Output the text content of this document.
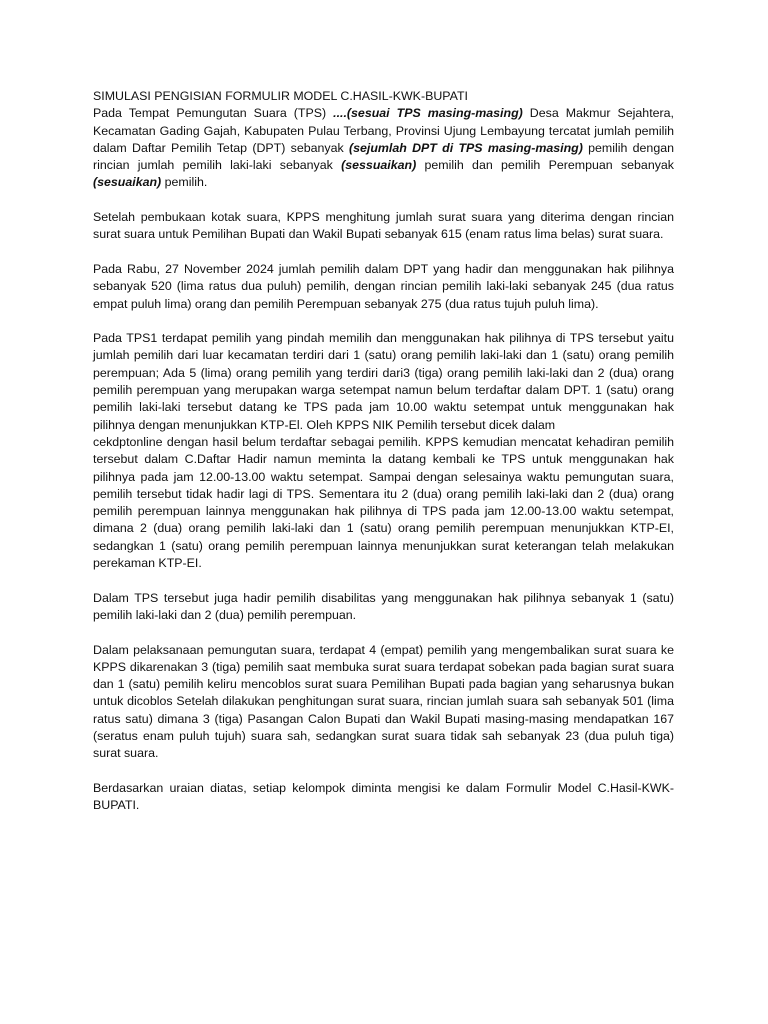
SIMULASI PENGISIAN FORMULIR MODEL C.HASIL-KWK-BUPATI

Pada Tempat Pemungutan Suara (TPS) ....(sesuai TPS masing-masing) Desa Makmur Sejahtera, Kecamatan Gading Gajah, Kabupaten Pulau Terbang, Provinsi Ujung Lembayung tercatat jumlah pemilih dalam Daftar Pemilih Tetap (DPT) sebanyak (sejumlah DPT di TPS masing-masing) pemilih dengan rincian jumlah pemilih laki-laki sebanyak (sessuaikan) pemilih dan pemilih Perempuan sebanyak (sesuaikan) pemilih.

Setelah pembukaan kotak suara, KPPS menghitung jumlah surat suara yang diterima dengan rincian surat suara untuk Pemilihan Bupati dan Wakil Bupati sebanyak 615 (enam ratus lima belas) surat suara.

Pada Rabu, 27 November 2024 jumlah pemilih dalam DPT yang hadir dan menggunakan hak pilihnya sebanyak 520 (lima ratus dua puluh) pemilih, dengan rincian pemilih laki-laki sebanyak 245 (dua ratus empat puluh lima) orang dan pemilih Perempuan sebanyak 275 (dua ratus tujuh puluh lima).

Pada TPS1 terdapat pemilih yang pindah memilih dan menggunakan hak pilihnya di TPS tersebut yaitu jumlah pemilih dari luar kecamatan terdiri dari 1 (satu) orang pemilih laki-laki dan 1 (satu) orang pemilih perempuan; Ada 5 (lima) orang pemilih yang terdiri dari3 (tiga) orang pemilih laki-laki dan 2 (dua) orang pemilih perempuan yang merupakan warga setempat namun belum terdaftar dalam DPT. 1 (satu) orang pemilih laki-laki tersebut datang ke TPS pada jam 10.00 waktu setempat untuk menggunakan hak pilihnya dengan menunjukkan KTP-El. Oleh KPPS NIK Pemilih tersebut dicek dalam
cekdptonline dengan hasil belum terdaftar sebagai pemilih. KPPS kemudian mencatat kehadiran pemilih tersebut dalam C.Daftar Hadir namun meminta la datang kembali ke TPS untuk menggunakan hak pilihnya pada jam 12.00-13.00 waktu setempat. Sampai dengan selesainya waktu pemungutan suara, pemilih tersebut tidak hadir lagi di TPS. Sementara itu 2 (dua) orang pemilih laki-laki dan 2 (dua) orang pemilih perempuan lainnya menggunakan hak pilihnya di TPS pada jam 12.00-13.00 waktu setempat, dimana 2 (dua) orang pemilih laki-laki dan 1 (satu) orang pemilih perempuan menunjukkan KTP-EI, sedangkan 1 (satu) orang pemilih perempuan lainnya menunjukkan surat keterangan telah melakukan perekaman KTP-EI.

Dalam TPS tersebut juga hadir pemilih disabilitas yang menggunakan hak pilihnya sebanyak 1 (satu) pemilih laki-laki dan 2 (dua) pemilih perempuan.

Dalam pelaksanaan pemungutan suara, terdapat 4 (empat) pemilih yang mengembalikan surat suara ke KPPS dikarenakan 3 (tiga) pemilih saat membuka surat suara terdapat sobekan pada bagian surat suara dan 1 (satu) pemilih keliru mencoblos surat suara Pemilihan Bupati pada bagian yang seharusnya bukan untuk dicoblos Setelah dilakukan penghitungan surat suara, rincian jumlah suara sah sebanyak 501 (lima ratus satu) dimana 3 (tiga) Pasangan Calon Bupati dan Wakil Bupati masing-masing mendapatkan 167 (seratus enam puluh tujuh) suara sah, sedangkan surat suara tidak sah sebanyak 23 (dua puluh tiga) surat suara.

Berdasarkan uraian diatas, setiap kelompok diminta mengisi ke dalam Formulir Model C.Hasil-KWK-BUPATI.
